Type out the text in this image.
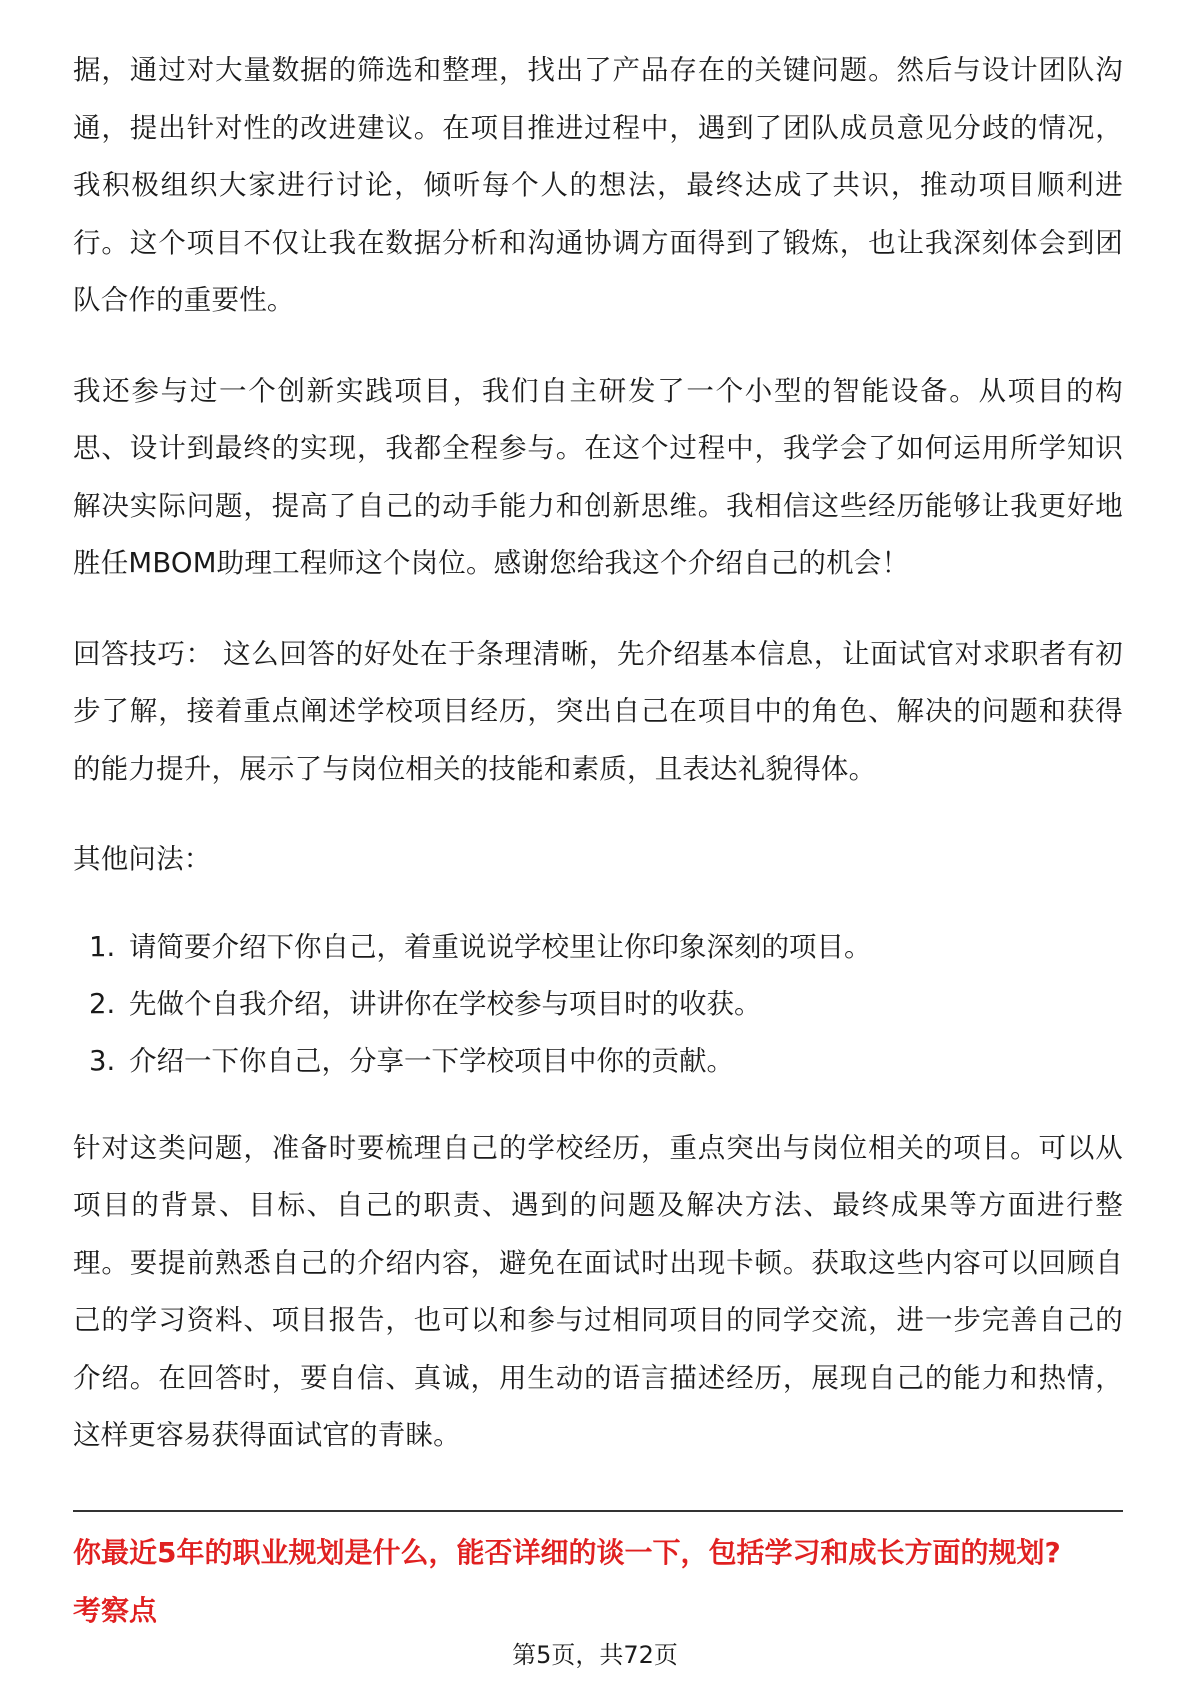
据，通过对大量数据的筛选和整理，找出了产品存在的关键问题。然后与设计团队沟通，提出针对性的改进建议。在项目推进过程中，遇到了团队成员意见分歧的情况，我积极组织大家进行讨论，倾听每个人的想法，最终达成了共识，推动项目顺利进行。这个项目不仅让我在数据分析和沟通协调方面得到了锻炼，也让我深刻体会到团队合作的重要性。

我还参与过一个创新实践项目，我们自主研发了一个小型的智能设备。从项目的构思、设计到最终的实现，我都全程参与。在这个过程中，我学会了如何运用所学知识解决实际问题，提高了自己的动手能力和创新思维。我相信这些经历能够让我更好地胜任MBOM助理工程师这个岗位。感谢您给我这个介绍自己的机会！

回答技巧： 这么回答的好处在于条理清晰，先介绍基本信息，让面试官对求职者有初步了解，接着重点阐述学校项目经历，突出自己在项目中的角色、解决的问题和获得的能力提升，展示了与岗位相关的技能和素质，且表达礼貌得体。

其他问法：

1. 请简要介绍下你自己，着重说说学校里让你印象深刻的项目。
2. 先做个自我介绍，讲讲你在学校参与项目时的收获。
3. 介绍一下你自己，分享一下学校项目中你的贡献。

针对这类问题，准备时要梳理自己的学校经历，重点突出与岗位相关的项目。可以从项目的背景、目标、自己的职责、遇到的问题及解决方法、最终成果等方面进行整理。要提前熟悉自己的介绍内容，避免在面试时出现卡顿。获取这些内容可以回顾自己的学习资料、项目报告，也可以和参与过相同项目的同学交流，进一步完善自己的介绍。在回答时，要自信、真诚，用生动的语言描述经历，展现自己的能力和热情，这样更容易获得面试官的青睐。

你最近5年的职业规划是什么，能否详细的谈一下，包括学习和成长方面的规划?
考察点
第5页，共72页
